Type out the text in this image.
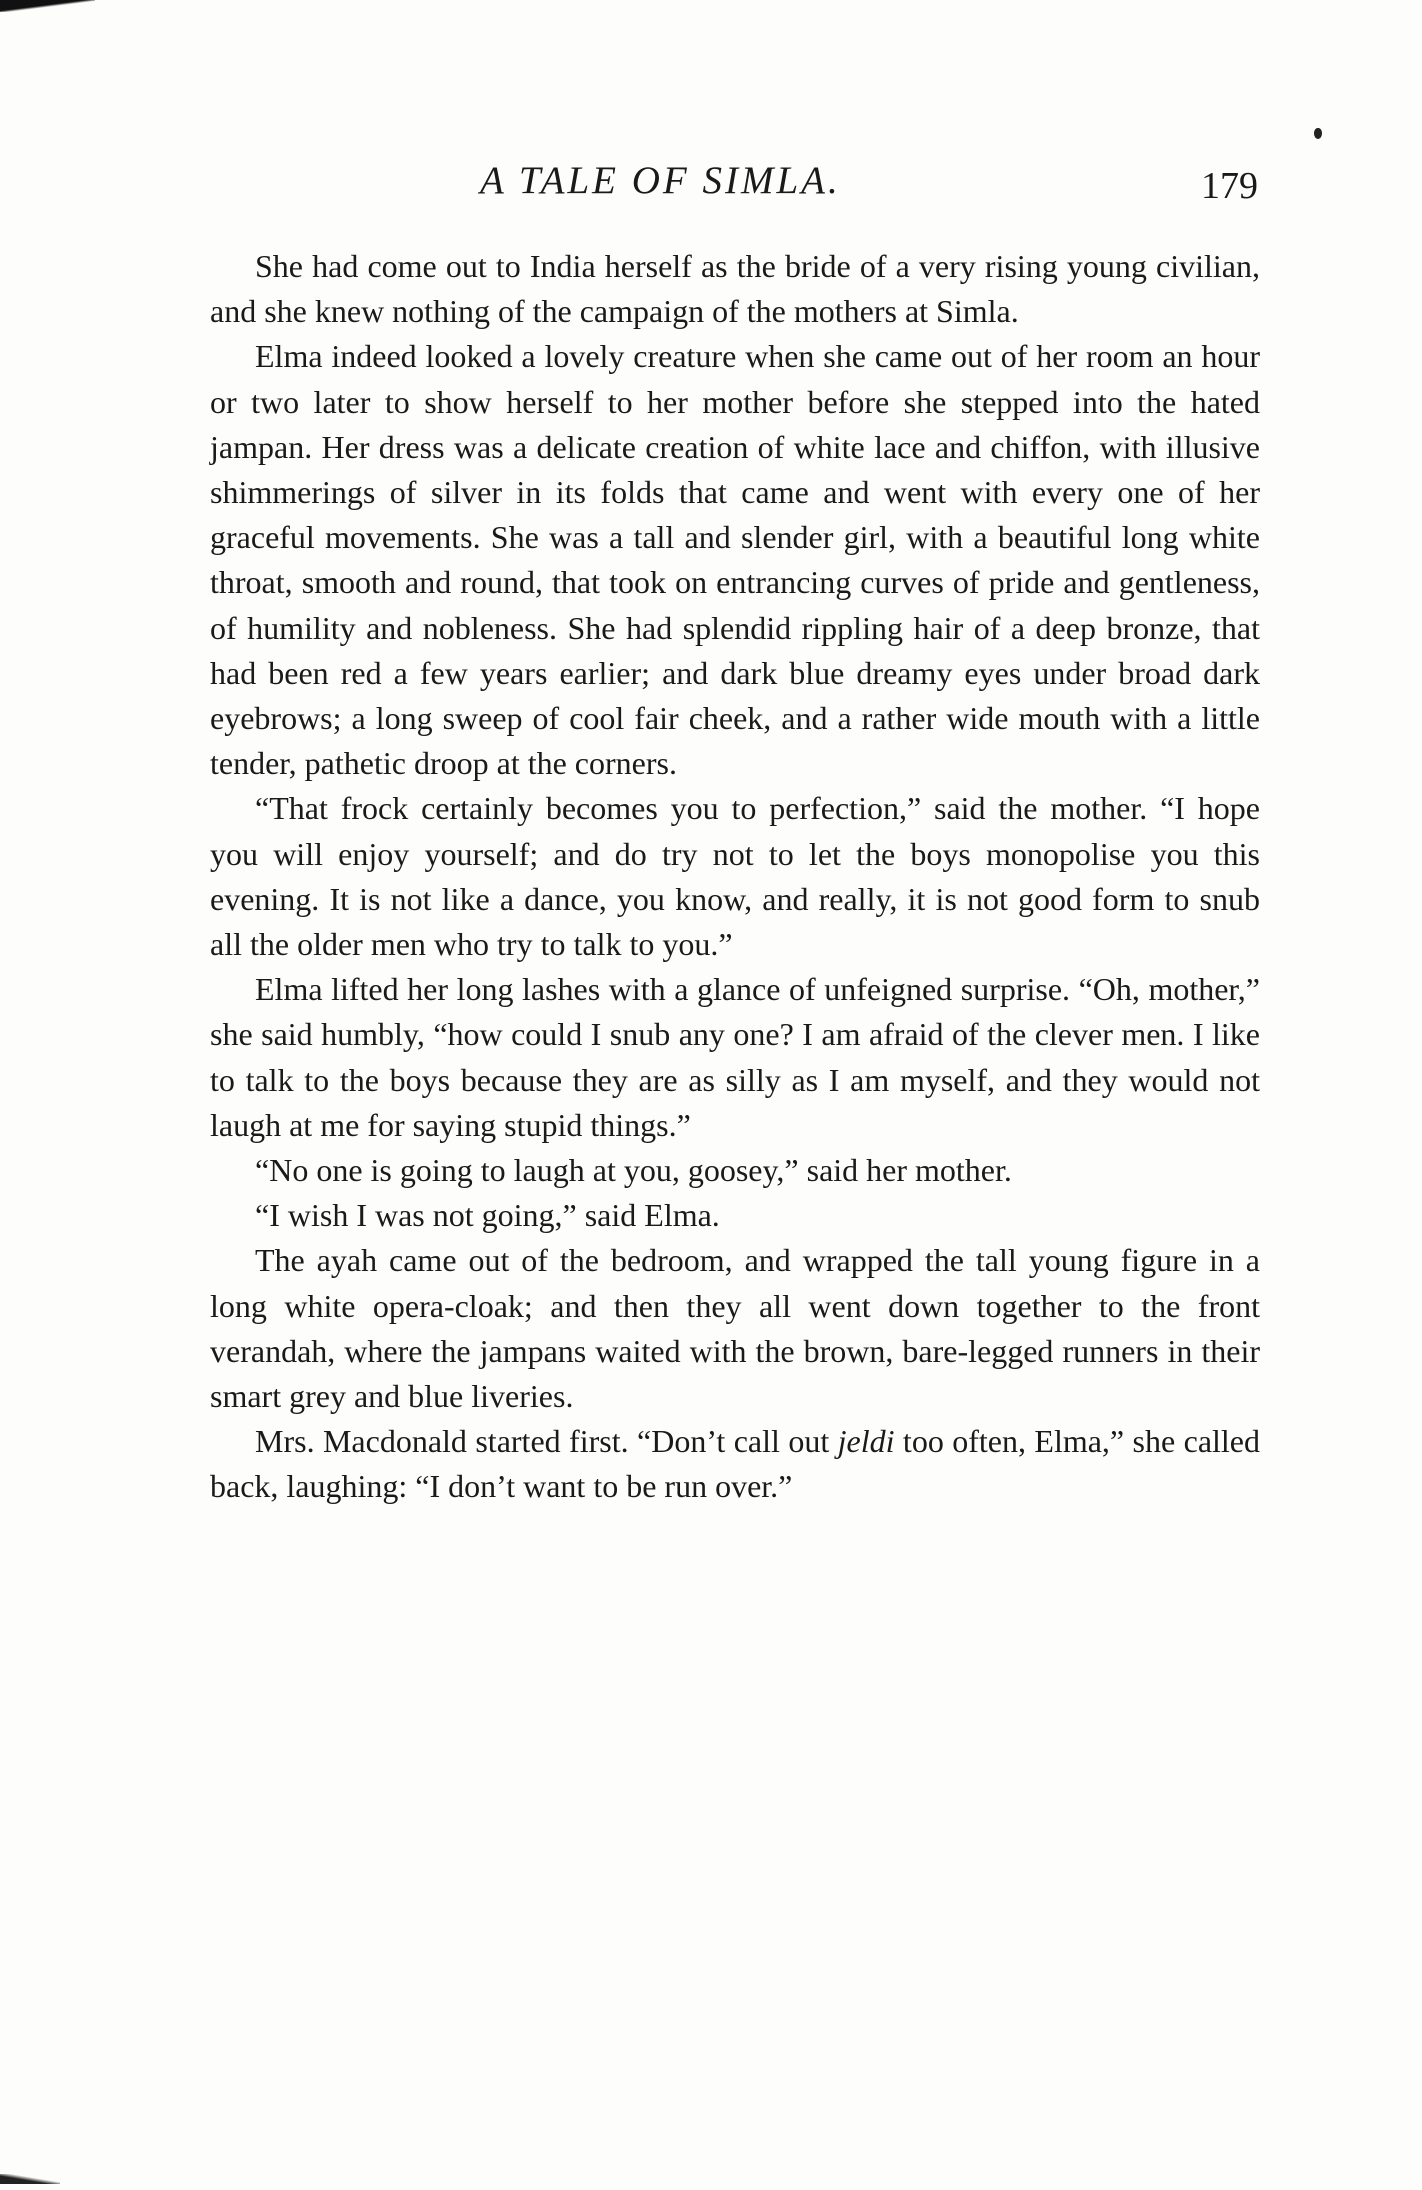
A TALE OF SIMLA.	179

She had come out to India herself as the bride of a very rising young civilian, and she knew nothing of the campaign of the mothers at Simla.

Elma indeed looked a lovely creature when she came out of her room an hour or two later to show herself to her mother before she stepped into the hated jampan. Her dress was a delicate creation of white lace and chiffon, with illusive shimmerings of silver in its folds that came and went with every one of her graceful movements. She was a tall and slender girl, with a beautiful long white throat, smooth and round, that took on entrancing curves of pride and gentleness, of humility and nobleness. She had splendid rippling hair of a deep bronze, that had been red a few years earlier; and dark blue dreamy eyes under broad dark eyebrows; a long sweep of cool fair cheek, and a rather wide mouth with a little tender, pathetic droop at the corners.

“That frock certainly becomes you to perfection,” said the mother. “I hope you will enjoy yourself; and do try not to let the boys monopolise you this evening. It is not like a dance, you know, and really, it is not good form to snub all the older men who try to talk to you.”

Elma lifted her long lashes with a glance of unfeigned surprise. “Oh, mother,” she said humbly, “how could I snub any one? I am afraid of the clever men. I like to talk to the boys because they are as silly as I am myself, and they would not laugh at me for saying stupid things.”

“No one is going to laugh at you, goosey,” said her mother.

“I wish I was not going,” said Elma.

The ayah came out of the bedroom, and wrapped the tall young figure in a long white opera-cloak; and then they all went down together to the front verandah, where the jampans waited with the brown, bare-legged runners in their smart grey and blue liveries.

Mrs. Macdonald started first. “Don’t call out jeldi too often, Elma,” she called back, laughing: “I don’t want to be run over.”
